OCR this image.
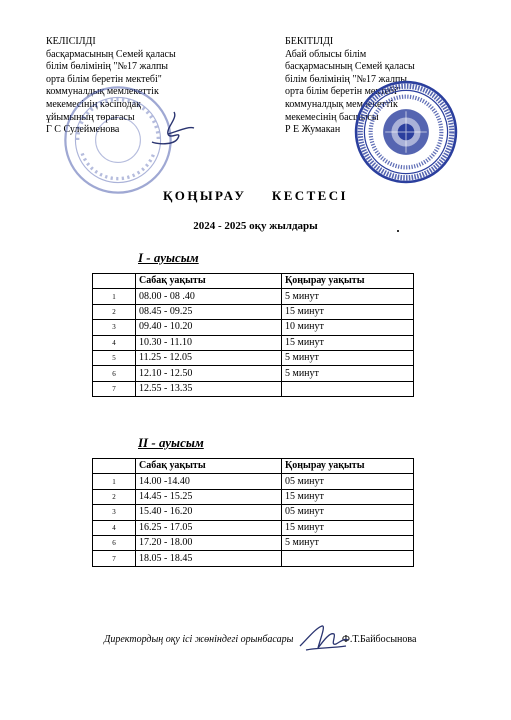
КЕЛІСІЛДІ
басқармасының Семей қаласы
білім бөлімінің "№17 жалпы
орта білім беретін мектебі"
коммуналдық мемлекеттік
мекемесінің кәсіподақ
ұйымының төрағасы
Г С Сулейменова
БЕКІТІЛДІ
Абай облысы білім
басқармасының Семей қаласы
білім бөлімінің "№17 жалпы
орта білім беретін мектебі"
коммуналдық мемлекеттік
мекемесінің басшысы
Р Е Жумакан
ҚОҢЫРАУ КЕСТЕСІ
2024 - 2025 оқу жылдары
І - ауысым
	Сабақ уақыты	Қоңырау уақыты
1	08.00 - 08 .40	5 минут
2	08.45 - 09.25	15 минут
3	09.40 - 10.20	10 минут
4	10.30 - 11.10	15 минут
5	11.25 - 12.05	5 минут
6	12.10 - 12.50	5 минут
7	12.55 - 13.35	
ІІ - ауысым
	Сабақ уақыты	Қоңырау уақыты
1	14.00 -14.40	05 минут
2	14.45 - 15.25	15 минут
3	15.40 - 16.20	05 минут
4	16.25 - 17.05	15 минут
6	17.20 - 18.00	5 минут
7	18.05 - 18.45	
Директордың оқу ісі жөніндегі орынбасары	Ф.Т.Байбосынова
